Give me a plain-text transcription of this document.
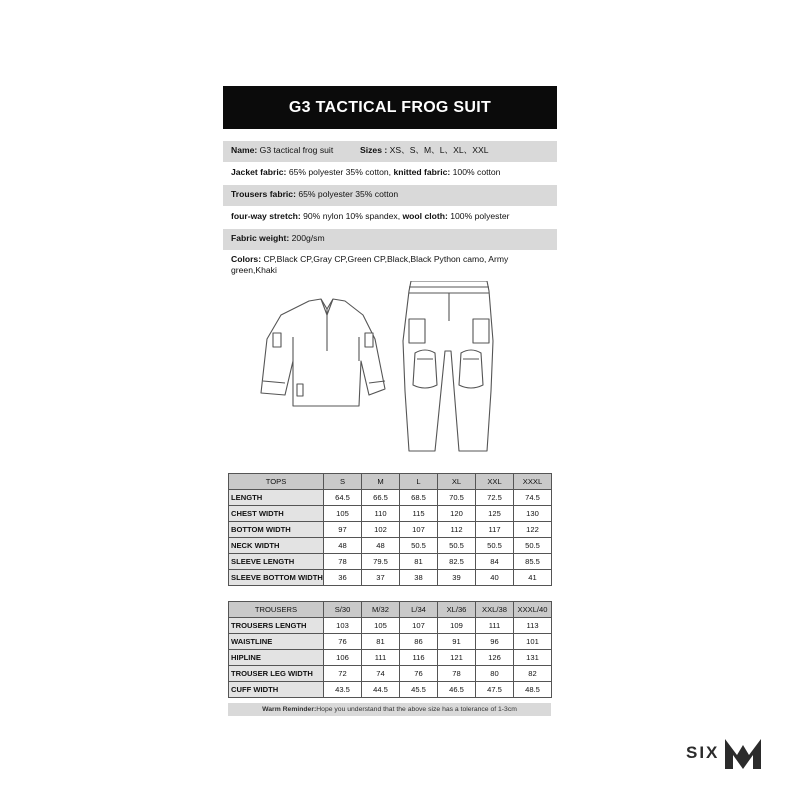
G3 TACTICAL FROG SUIT
Name: G3 tactical frog suit	Sizes : XS、S、M、L、XL、XXL
Jacket fabric: 65% polyester 35% cotton, knitted fabric: 100% cotton
Trousers fabric: 65% polyester 35% cotton
four-way stretch: 90% nylon 10% spandex, wool cloth: 100% polyester
Fabric weight: 200g/sm
Colors: CP,Black CP,Gray CP,Green CP,Black,Black Python camo, Army green,Khaki
TOPS	S	M	L	XL	XXL	XXXL
LENGTH	64.5	66.5	68.5	70.5	72.5	74.5
CHEST WIDTH	105	110	115	120	125	130
BOTTOM WIDTH	97	102	107	112	117	122
NECK WIDTH	48	48	50.5	50.5	50.5	50.5
SLEEVE LENGTH	78	79.5	81	82.5	84	85.5
SLEEVE BOTTOM WIDTH	36	37	38	39	40	41
TROUSERS	S/30	M/32	L/34	XL/36	XXL/38	XXXL/40
TROUSERS LENGTH	103	105	107	109	111	113
WAISTLINE	76	81	86	91	96	101
HIPLINE	106	111	116	121	126	131
TROUSER LEG WIDTH	72	74	76	78	80	82
CUFF WIDTH	43.5	44.5	45.5	46.5	47.5	48.5
Warm Reminder:Hope you understand that the above size has a tolerance of 1-3cm
SIX
